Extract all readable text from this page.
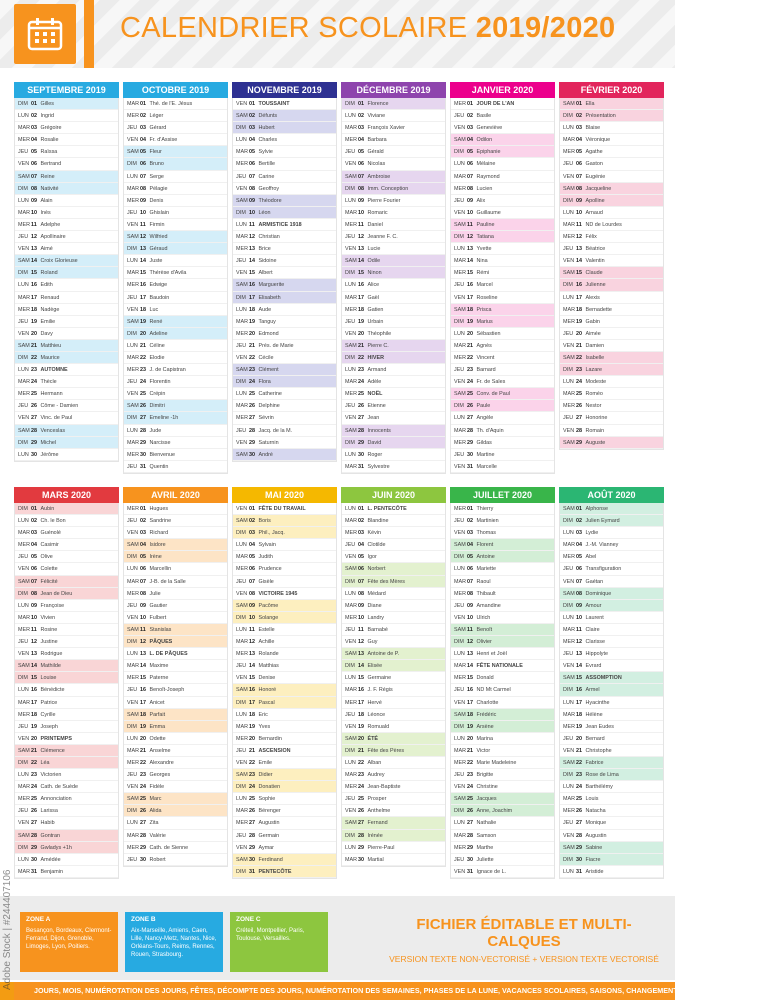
CALENDRIER SCOLAIRE 2019/2020
SEPTEMBRE 2019
DIM 01 Gilles
LUN 02 Ingrid
MAR03 Grégoire
MER04 Rosalie
JEU 05 Raïssa
VEN 06 Bertrand
SAM07 Reine
DIM 08 Nativité
LUN 09 Alain
MAR10 Inès
MER11 Adelphe
JEU 12 Apollinaire
VEN 13 Aimé
SAM14 Croix Glorieuse
DIM 15 Roland
LUN 16 Edith
MAR17 Renaud
MER18 Nadège
JEU 19 Emilie
VEN 20 Davy
SAM21 Matthieu
DIM 22 Maurice
LUN 23 AUTOMNE
MAR24 Thècle
MER25 Hermann
JEU 26 Côme - Damien
VEN 27 Vinc. de Paul
SAM28 Venceslas
DIM 29 Michel
LUN 30 Jérôme
OCTOBRE 2019
MAR01 Thé. de l'E. Jésus
MER02 Léger
JEU 03 Gérard
VEN 04 Fr. d'Assise
SAM05 Fleur
DIM 06 Bruno
LUN 07 Serge
MAR08 Pélagie
MER09 Denis
JEU 10 Ghislain
VEN 11 Firmin
SAM12 Wilfried
DIM 13 Géraud
LUN 14 Juste
MAR15 Thérèse d'Avila
MER16 Edwige
JEU 17 Baudoin
VEN 18 Luc
SAM19 René
DIM 20 Adeline
LUN 21 Céline
MAR22 Elodie
MER23 J. de Capistran
JEU 24 Florentin
VEN 25 Crépin
SAM26 Dimitri
DIM 27 Emeline -1h
LUN 28 Jude
MAR29 Narcisse
MER30 Bienvenue
JEU 31 Quentin
NOVEMBRE 2019
VEN 01 TOUSSAINT
SAM02 Défunts
DIM 03 Hubert
LUN 04 Charles
MAR05 Sylvie
MER06 Bertille
JEU 07 Carine
VEN 08 Geoffroy
SAM09 Théodore
DIM 10 Léon
LUN 11 ARMISTICE 1918
MAR12 Christian
MER13 Brice
JEU 14 Sidoine
VEN 15 Albert
SAM16 Marguerite
DIM 17 Elisabeth
LUN 18 Aude
MAR19 Tanguy
MER20 Edmond
JEU 21 Prés. de Marie
VEN 22 Cécile
SAM23 Clément
DIM 24 Flora
LUN 25 Catherine
MAR26 Delphine
MER27 Sévrin
JEU 28 Jacq. de la M.
VEN 29 Saturnin
SAM30 André
DÉCEMBRE 2019
DIM 01 Florence
LUN 02 Viviane
MAR03 François Xavier
MER04 Barbara
JEU 05 Gérald
VEN 06 Nicolas
SAM07 Ambroise
DIM 08 Imm. Conception
LUN 09 Pierre Fourier
MAR10 Romaric
MER11 Daniel
JEU 12 Jeanne F. C.
VEN 13 Lucie
SAM14 Odile
DIM 15 Ninon
LUN 16 Alice
MAR17 Gaël
MER18 Gatien
JEU 19 Urbain
VEN 20 Théophile
SAM21 Pierre C.
DIM 22 HIVER
LUN 23 Armand
MAR24 Adèle
MER25 NOËL
JEU 26 Etienne
VEN 27 Jean
SAM28 Innocents
DIM 29 David
LUN 30 Roger
MAR31 Sylvestre
JANVIER 2020
MER01 JOUR DE L'AN
JEU 02 Basile
VEN 03 Geneviève
SAM04 Odilon
DIM 05 Epiphanie
LUN 06 Mélaine
MAR07 Raymond
MER08 Lucien
JEU 09 Alix
VEN 10 Guillaume
SAM11 Pauline
DIM 12 Tatiana
LUN 13 Yvette
MAR14 Nina
MER15 Rémi
JEU 16 Marcel
VEN 17 Roseline
SAM18 Prisca
DIM 19 Marius
LUN 20 Sébastien
MAR21 Agnès
MER22 Vincent
JEU 23 Barnard
VEN 24 Fr. de Sales
SAM25 Conv. de Paul
DIM 26 Paule
LUN 27 Angèle
MAR28 Th. d'Aquin
MER29 Gildas
JEU 30 Martine
VEN 31 Marcelle
FÉVRIER 2020
SAM01 Ella
DIM 02 Présentation
LUN 03 Blaise
MAR04 Véronique
MER05 Agathe
JEU 06 Gaston
VEN 07 Eugénie
SAM08 Jacqueline
DIM 09 Apolline
LUN 10 Arnaud
MAR11 ND de Lourdes
MER12 Félix
JEU 13 Béatrice
VEN 14 Valentin
SAM15 Claude
DIM 16 Julienne
LUN 17 Alexis
MAR18 Bernadette
MER19 Gabin
JEU 20 Aimée
VEN 21 Damien
SAM22 Isabelle
DIM 23 Lazare
LUN 24 Modeste
MAR25 Roméo
MER26 Nestor
JEU 27 Honorine
VEN 28 Romain
SAM29 Auguste
MARS 2020
DIM 01 Aubin
LUN 02 Ch. le Bon
MAR03 Guénolé
MER04 Casimir
JEU 05 Olive
VEN 06 Colette
SAM07 Félicité
DIM 08 Jean de Dieu
LUN 09 Françoise
MAR10 Vivien
MER11 Rosine
JEU 12 Justine
VEN 13 Rodrigue
SAM14 Mathilde
DIM 15 Louise
LUN 16 Bénédicte
MAR17 Patrice
MER18 Cyrille
JEU 19 Joseph
VEN 20 PRINTEMPS
SAM21 Clémence
DIM 22 Léa
LUN 23 Victorien
MAR24 Cath. de Suède
MER25 Annonciation
JEU 26 Larissa
VEN 27 Habib
SAM28 Gontran
DIM 29 Gwladys +1h
LUN 30 Amédée
MAR31 Benjamin
AVRIL 2020
MER01 Hugues
JEU 02 Sandrine
VEN 03 Richard
SAM04 Isidore
DIM 05 Irène
LUN 06 Marcellin
MAR07 J-B. de la Salle
MER08 Julie
JEU 09 Gautier
VEN 10 Fulbert
SAM11 Stanislas
DIM 12 PÂQUES
LUN 13 L. DE PÂQUES
MAR14 Maxime
MER15 Paterne
JEU 16 Benoît-Joseph
VEN 17 Anicet
SAM18 Parfait
DIM 19 Emma
LUN 20 Odette
MAR21 Anselme
MER22 Alexandre
JEU 23 Georges
VEN 24 Fidèle
SAM25 Marc
DIM 26 Alida
LUN 27 Zita
MAR28 Valérie
MER29 Cath. de Sienne
JEU 30 Robert
MAI 2020
VEN 01 FÊTE DU TRAVAIL
SAM02 Boris
DIM 03 Phil., Jacq.
LUN 04 Sylvain
MAR05 Judith
MER06 Prudence
JEU 07 Gisèle
VEN 08 VICTOIRE 1945
SAM09 Pacôme
DIM 10 Solange
LUN 11 Estelle
MAR12 Achille
MER13 Rolande
JEU 14 Matthias
VEN 15 Denise
SAM16 Honoré
DIM 17 Pascal
LUN 18 Eric
MAR19 Yves
MER20 Bernardin
JEU 21 ASCENSION
VEN 22 Emile
SAM23 Didier
DIM 24 Donatien
LUN 25 Sophie
MAR26 Bérenger
MER27 Augustin
JEU 28 Germain
VEN 29 Aymar
SAM30 Ferdinand
DIM 31 PENTECÔTE
JUIN 2020
LUN 01 L. PENTECÔTE
MAR02 Blandine
MER03 Kévin
JEU 04 Clotilde
VEN 05 Igor
SAM06 Norbert
DIM 07 Fête des Mères
LUN 08 Médard
MAR09 Diane
MER10 Landry
JEU 11 Barnabé
VEN 12 Guy
SAM13 Antoine de P.
DIM 14 Elisée
LUN 15 Germaine
MAR16 J. F. Régis
MER17 Hervé
JEU 18 Léonce
VEN 19 Romuald
SAM20 ÉTÉ
DIM 21 Fête des Pères
LUN 22 Alban
MAR23 Audrey
MER24 Jean-Baptiste
JEU 25 Prosper
VEN 26 Anthelme
SAM27 Fernand
DIM 28 Irénée
LUN 29 Pierre-Paul
MAR30 Martial
JUILLET 2020
MER01 Thierry
JEU 02 Martinien
VEN 03 Thomas
SAM04 Florent
DIM 05 Antoine
LUN 06 Mariette
MAR07 Raoul
MER08 Thibault
JEU 09 Amandine
VEN 10 Ulrich
SAM11 Benoît
DIM 12 Olivier
LUN 13 Henri et Joël
MAR14 FÊTE NATIONALE
MER15 Donald
JEU 16 ND Mt Carmel
VEN 17 Charlotte
SAM18 Frédéric
DIM 19 Arsène
LUN 20 Marina
MAR21 Victor
MER22 Marie Madeleine
JEU 23 Brigitte
VEN 24 Christine
SAM25 Jacques
DIM 26 Anne, Joachim
LUN 27 Nathalie
MAR28 Samson
MER29 Marthe
JEU 30 Juliette
VEN 31 Ignace de L.
AOÛT 2020
SAM01 Alphonse
DIM 02 Julien Eymard
LUN 03 Lydie
MAR04 J.-M. Vianney
MER05 Abel
JEU 06 Transfiguration
VEN 07 Gaétan
SAM08 Dominique
DIM 09 Amour
LUN 10 Laurent
MAR11 Claire
MER12 Clarisse
JEU 13 Hippolyte
VEN 14 Evrard
SAM15 ASSOMPTION
DIM 16 Armel
LUN 17 Hyacinthe
MAR18 Hélène
MER19 Jean Eudes
JEU 20 Bernard
VEN 21 Christophe
SAM22 Fabrice
DIM 23 Rose de Lima
LUN 24 Barthélémy
MAR25 Louis
MER26 Natacha
JEU 27 Monique
VEN 28 Augustin
SAM29 Sabine
DIM 30 Fiacre
LUN 31 Aristide
ZONE A
Besançon, Bordeaux, Clermont-Ferrand, Dijon, Grenoble, Limoges, Lyon, Poitiers.
ZONE B
Aix-Marseille, Amiens, Caen, Lille, Nancy-Metz, Nantes, Nice, Orléans-Tours, Reims, Rennes, Rouen, Strasbourg.
ZONE C
Créteil, Montpellier, Paris, Toulouse, Versailles.
FICHIER ÉDITABLE ET MULTI-CALQUES
VERSION TEXTE NON-VECTORISÉ + VERSION TEXTE VECTORISÉ
JOURS, MOIS, NUMÉROTATION DES JOURS, FÊTES, DÉCOMPTE DES JOURS, NUMÉROTATION DES SEMAINES, PHASES DE LA LUNE, VACANCES SCOLAIRES, SAISONS, CHANGEMENT D'HEURE, JOURS FÉRIÉS.
Adobe Stock | #244407106
